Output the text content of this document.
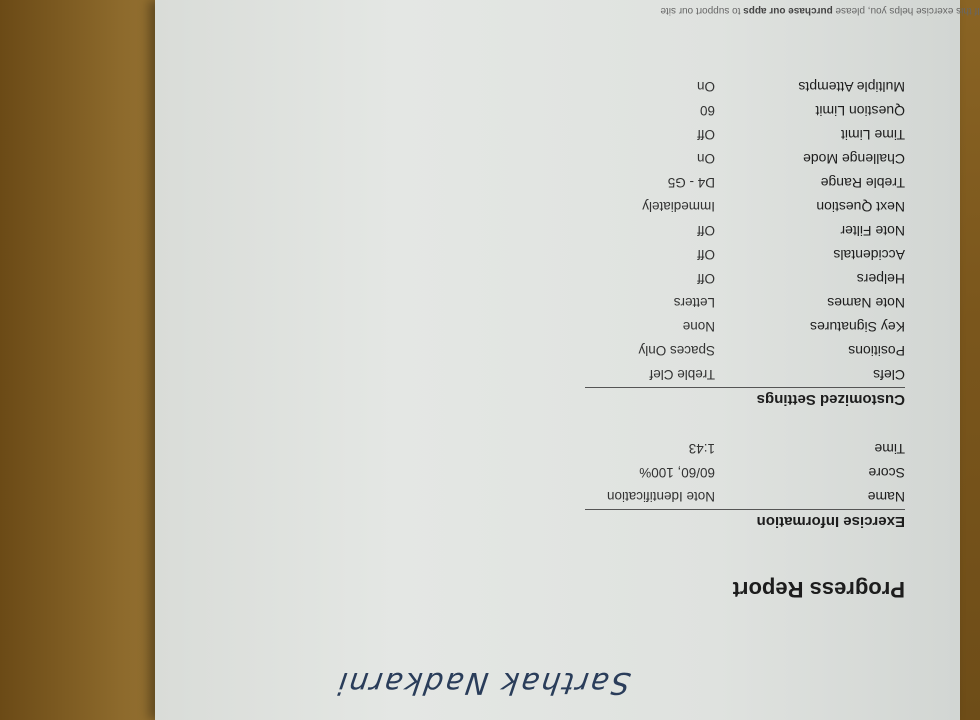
Sarthak Nadkarni
Progress Report
Exercise Information
Name
Note Identification
Score
60/60, 100%
Time
1:43
Customized Settings
Clefs
Treble Clef
Positions
Spaces Only
Key Signatures
None
Note Names
Letters
Helpers
Off
Accidentals
Off
Note Filter
Off
Next Question
Immediately
Treble Range
D4 - G5
Challenge Mode
On
Time Limit
Off
Question Limit
60
Multiple Attempts
On
If this exercise helps you, please purchase our apps to support our site
